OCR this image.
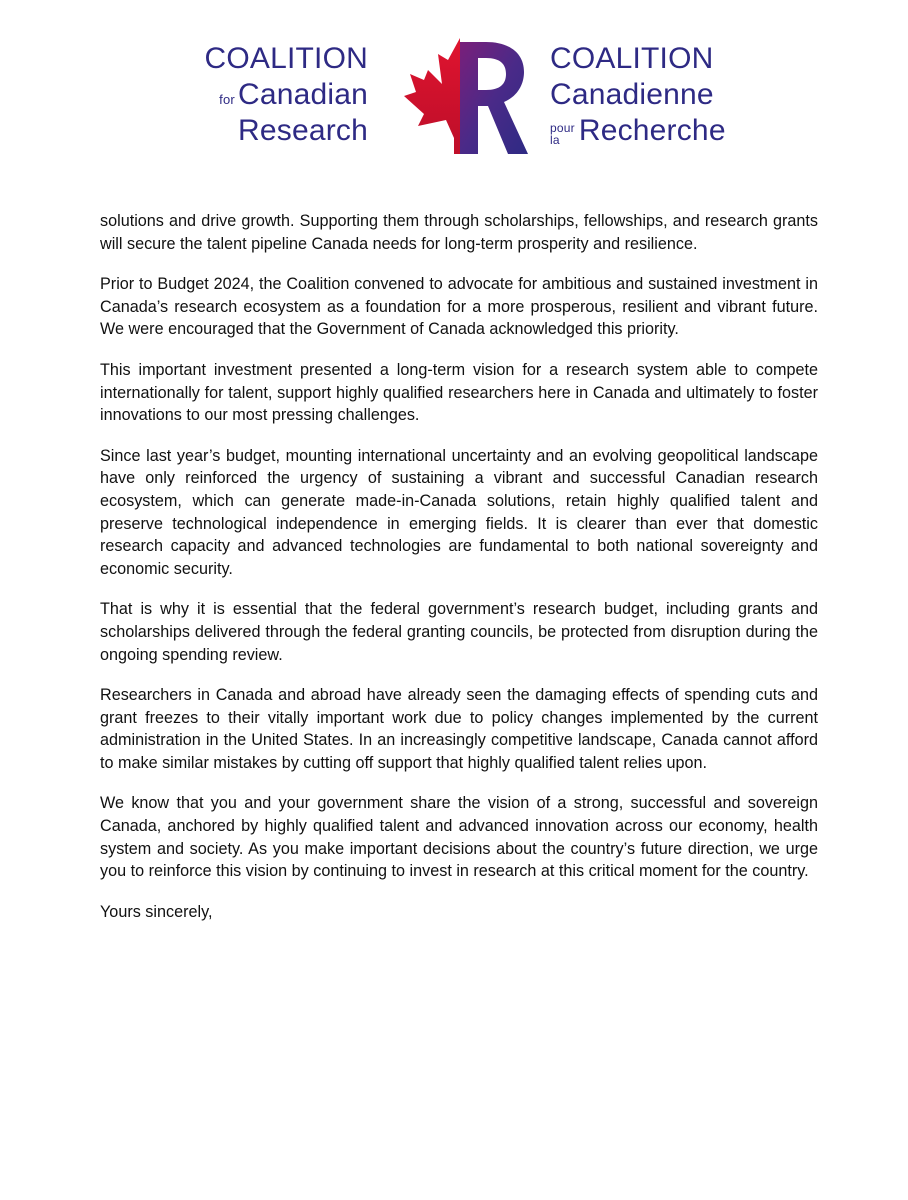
COALITION
for Canadian
Research
COALITION
Canadienne
pour
la Recherche

solutions and drive growth. Supporting them through scholarships, fellowships, and research grants will secure the talent pipeline Canada needs for long-term prosperity and resilience.

Prior to Budget 2024, the Coalition convened to advocate for ambitious and sustained investment in Canada’s research ecosystem as a foundation for a more prosperous, resilient and vibrant future. We were encouraged that the Government of Canada acknowledged this priority.

This important investment presented a long-term vision for a research system able to compete internationally for talent, support highly qualified researchers here in Canada and ultimately to foster innovations to our most pressing challenges.

Since last year’s budget, mounting international uncertainty and an evolving geopolitical landscape have only reinforced the urgency of sustaining a vibrant and successful Canadian research ecosystem, which can generate made-in-Canada solutions, retain highly qualified talent and preserve technological independence in emerging fields. It is clearer than ever that domestic research capacity and advanced technologies are fundamental to both national sovereignty and economic security.

That is why it is essential that the federal government’s research budget, including grants and scholarships delivered through the federal granting councils, be protected from disruption during the ongoing spending review.

Researchers in Canada and abroad have already seen the damaging effects of spending cuts and grant freezes to their vitally important work due to policy changes implemented by the current administration in the United States. In an increasingly competitive landscape, Canada cannot afford to make similar mistakes by cutting off support that highly qualified talent relies upon.

We know that you and your government share the vision of a strong, successful and sovereign Canada, anchored by highly qualified talent and advanced innovation across our economy, health system and society. As you make important decisions about the country’s future direction, we urge you to reinforce this vision by continuing to invest in research at this critical moment for the country.

Yours sincerely,
